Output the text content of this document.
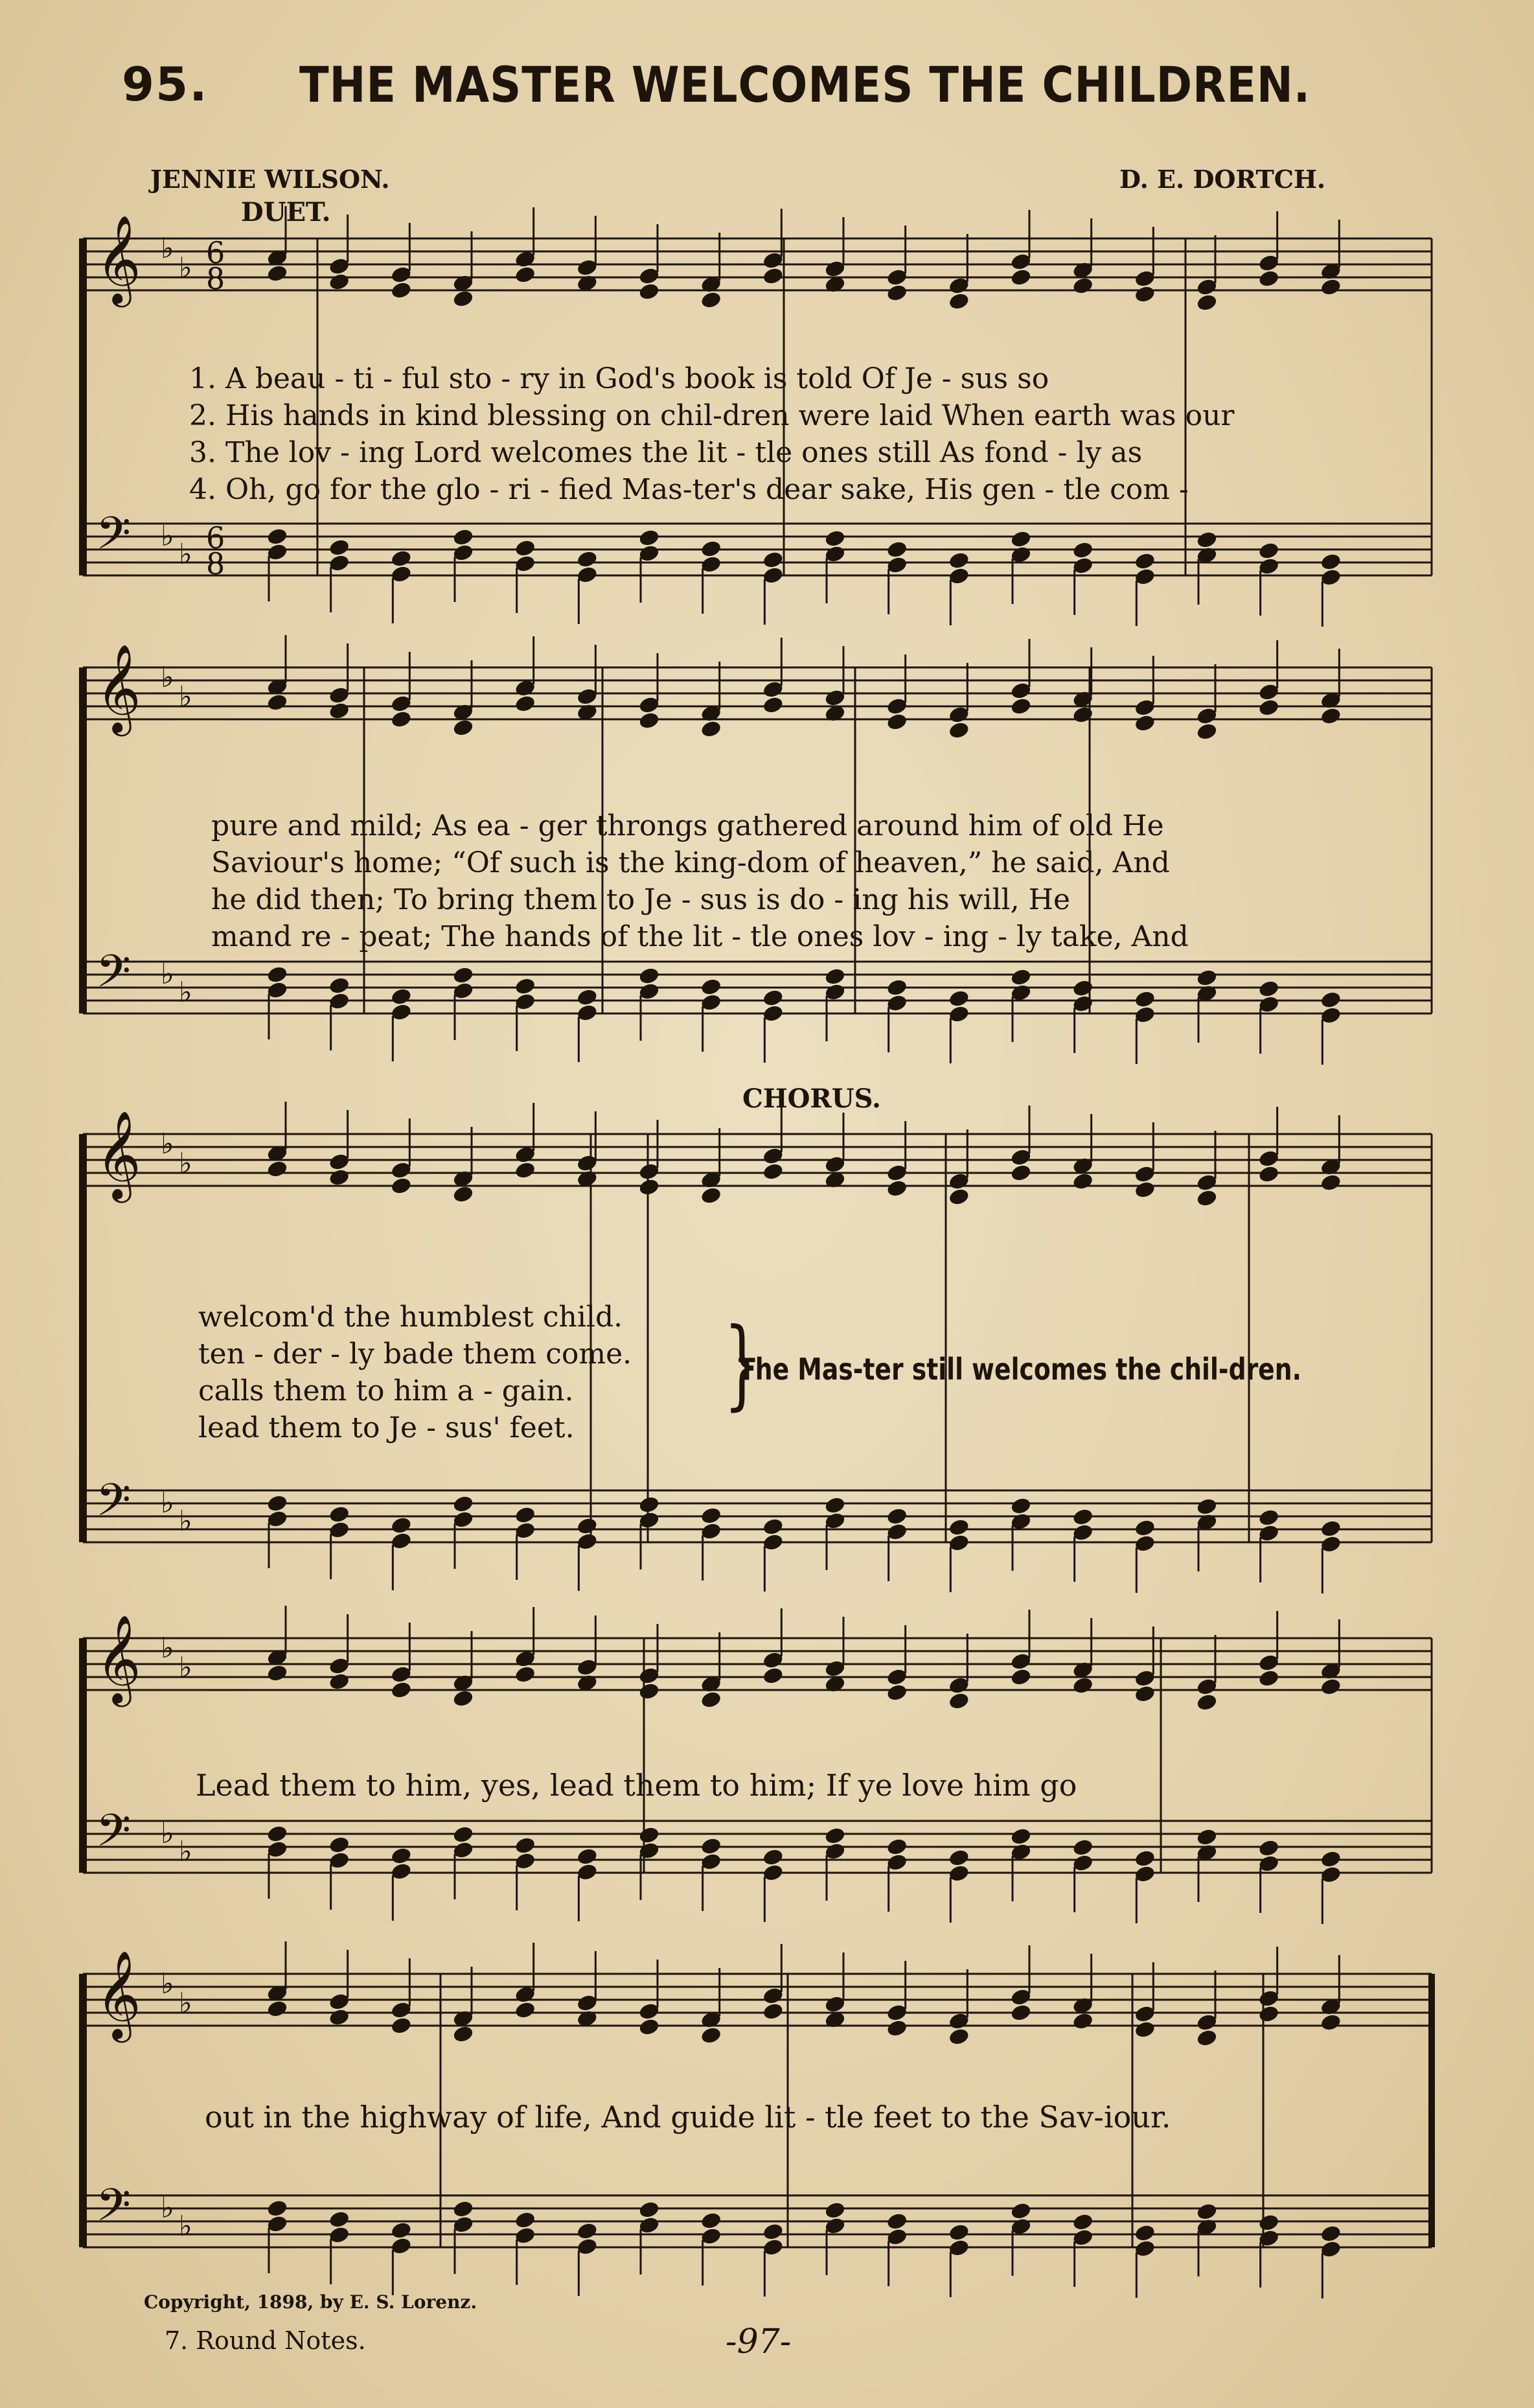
95. THE MASTER WELCOMES THE CHILDREN.
JENNIE WILSON.	D. E. DORTCH.
DUET.
CHORUS.
𝄞 ♭
♭ 6
8
𝄢 ♭
♭ 6
8
𝄞 ♭
♭
𝄢 ♭
♭
𝄞 ♭
♭
𝄢 ♭
♭
𝄞 ♭
♭
𝄢 ♭
♭
𝄞 ♭
♭
𝄢 ♭
♭
1. A beau - ti - ful sto - ry in God's book is told Of Je - sus so
2. His hands in kind blessing on chil-dren were laid When earth was our
3. The lov - ing Lord welcomes the lit - tle ones still As fond - ly as
4. Oh, go for the glo - ri - fied Mas-ter's dear sake, His gen - tle com -
pure and mild; As ea - ger throngs gathered around him of old He
Saviour's home; “Of such is the king-dom of heaven,” he said, And
he did then; To bring them to Je - sus is do - ing his will, He
mand re - peat; The hands of the lit - tle ones lov - ing - ly take, And
welcom'd the humblest child.
ten - der - ly bade them come.
calls them to him a - gain.
lead them to Je - sus' feet.
}
The Mas-ter still welcomes the chil-dren.
Lead them to him, yes, lead them to him; If ye love him go
out in the highway of life, And guide lit - tle feet to the Sav-iour.
Copyright, 1898, by E. S. Lorenz.
7. Round Notes.	-97-
